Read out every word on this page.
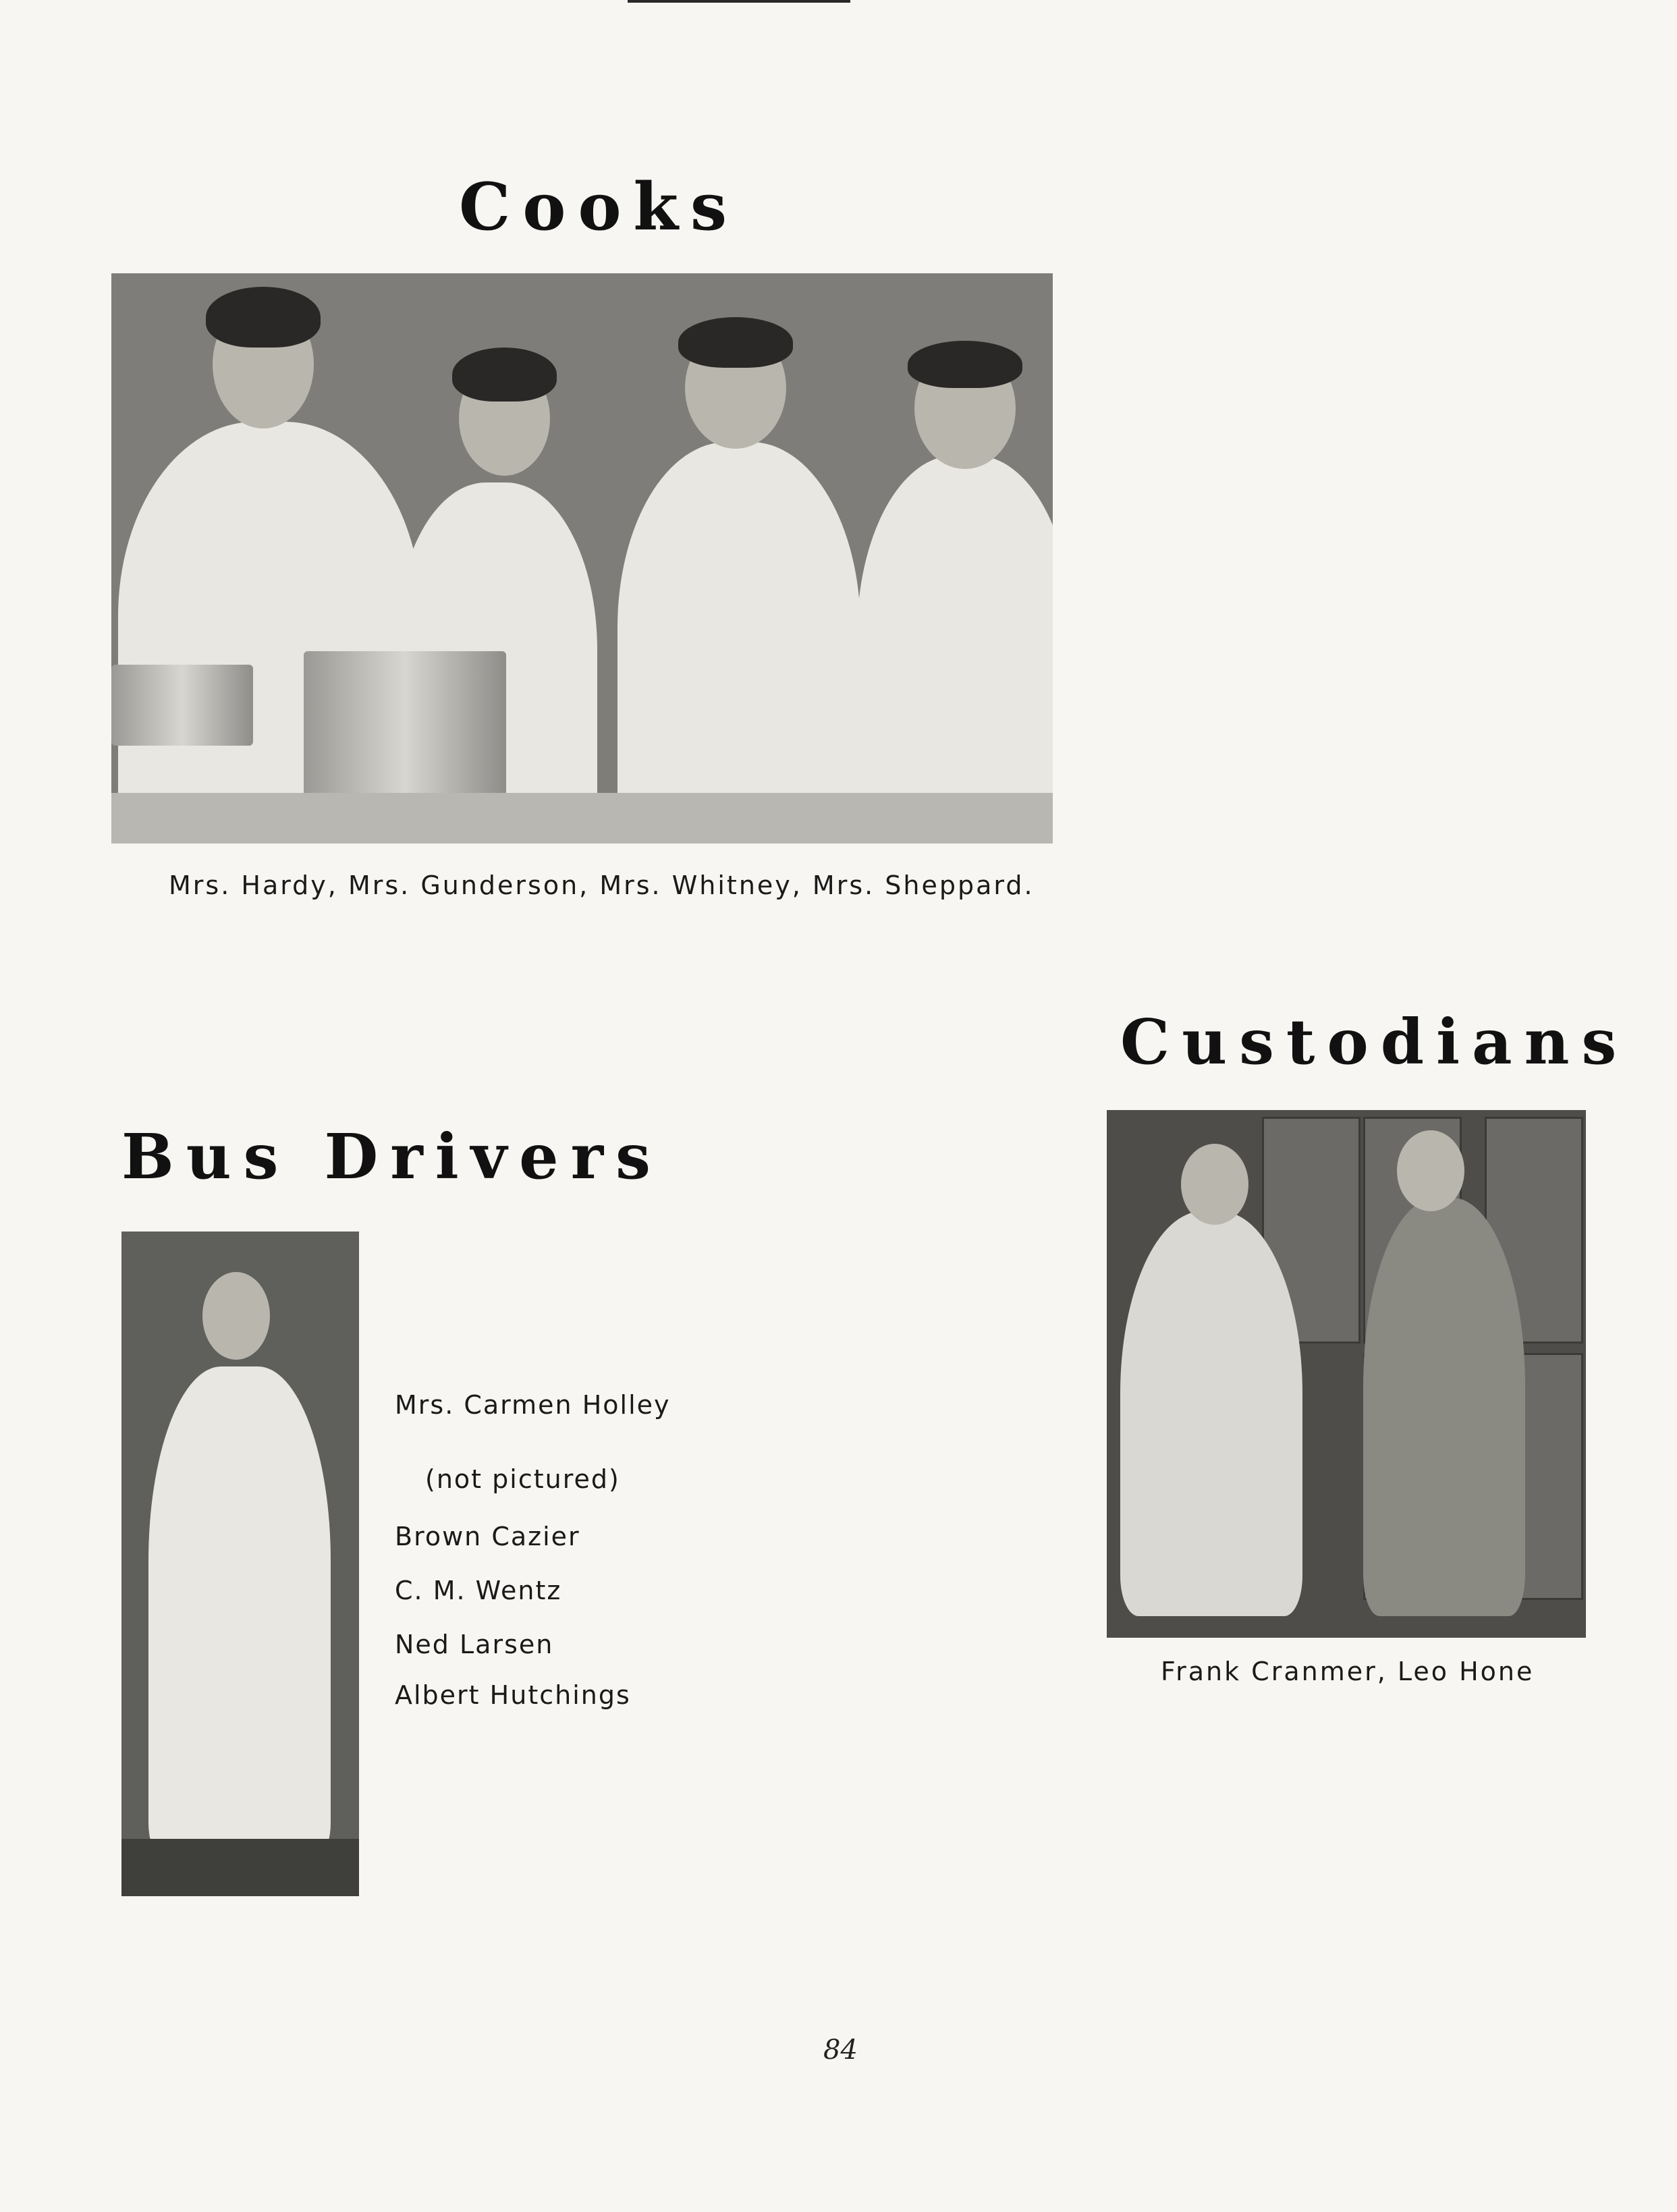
Cooks
Mrs. Hardy, Mrs. Gunderson, Mrs. Whitney, Mrs. Sheppard.
Bus Drivers
Mrs. Carmen Holley
(not pictured)
Brown Cazier
C. M. Wentz
Ned Larsen
Albert Hutchings
Custodians
Frank Cranmer, Leo Hone
84
